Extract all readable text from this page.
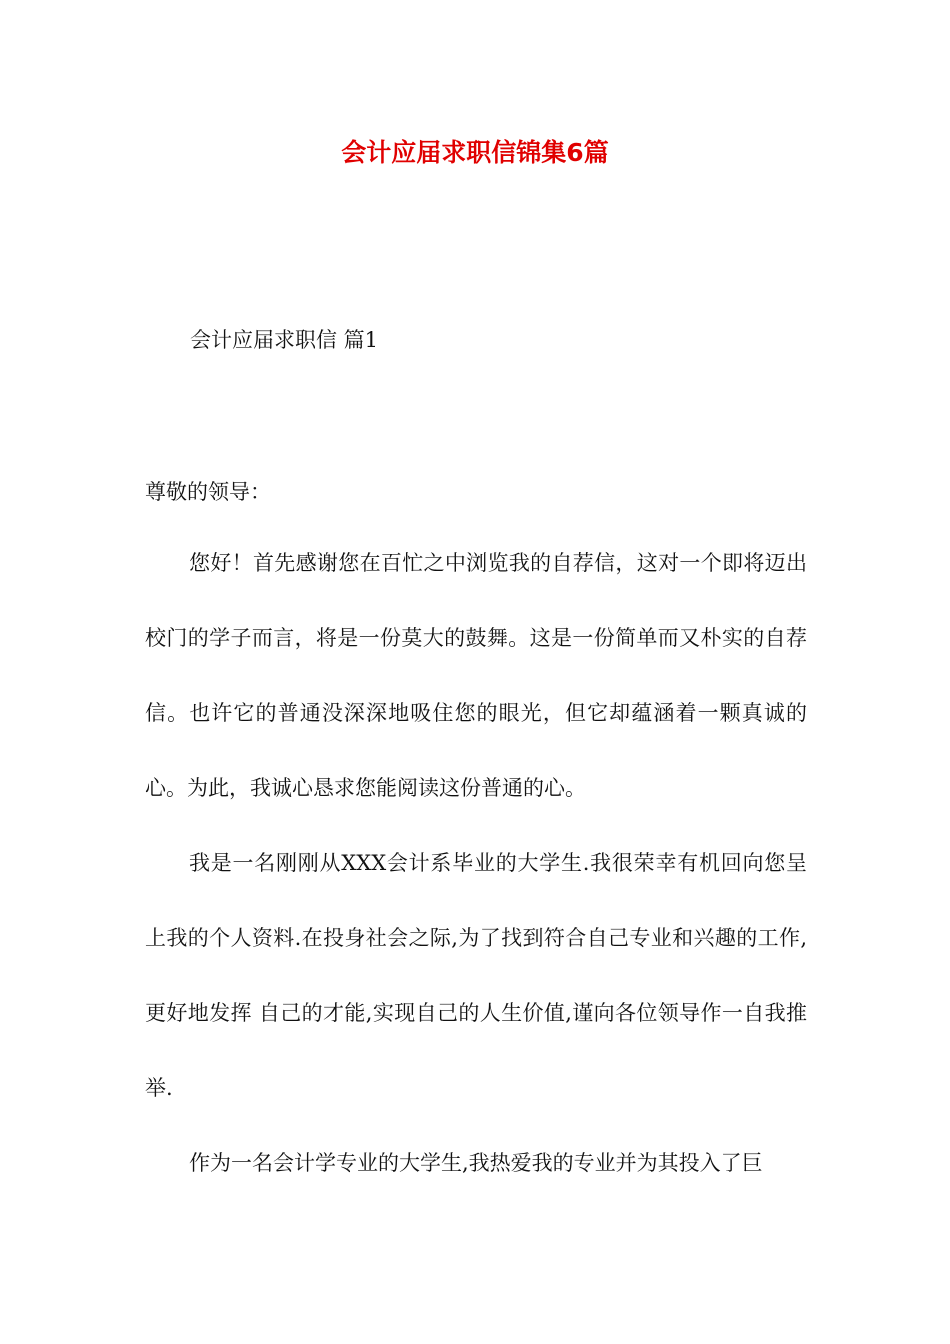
会计应届求职信锦集6篇

会计应届求职信 篇1

尊敬的领导：

您好！首先感谢您在百忙之中浏览我的自荐信，这对一个即将迈出校门的学子而言，将是一份莫大的鼓舞。这是一份简单而又朴实的自荐信。也许它的普通没深深地吸住您的眼光，但它却蕴涵着一颗真诚的心。为此，我诚心恳求您能阅读这份普通的心。

我是一名刚刚从XXX会计系毕业的大学生.我很荣幸有机回向您呈上我的个人资料.在投身社会之际,为了找到符合自己专业和兴趣的工作,更好地发挥 自己的才能,实现自己的人生价值,谨向各位领导作一自我推举.

作为一名会计学专业的大学生,我热爱我的专业并为其投入了巨
